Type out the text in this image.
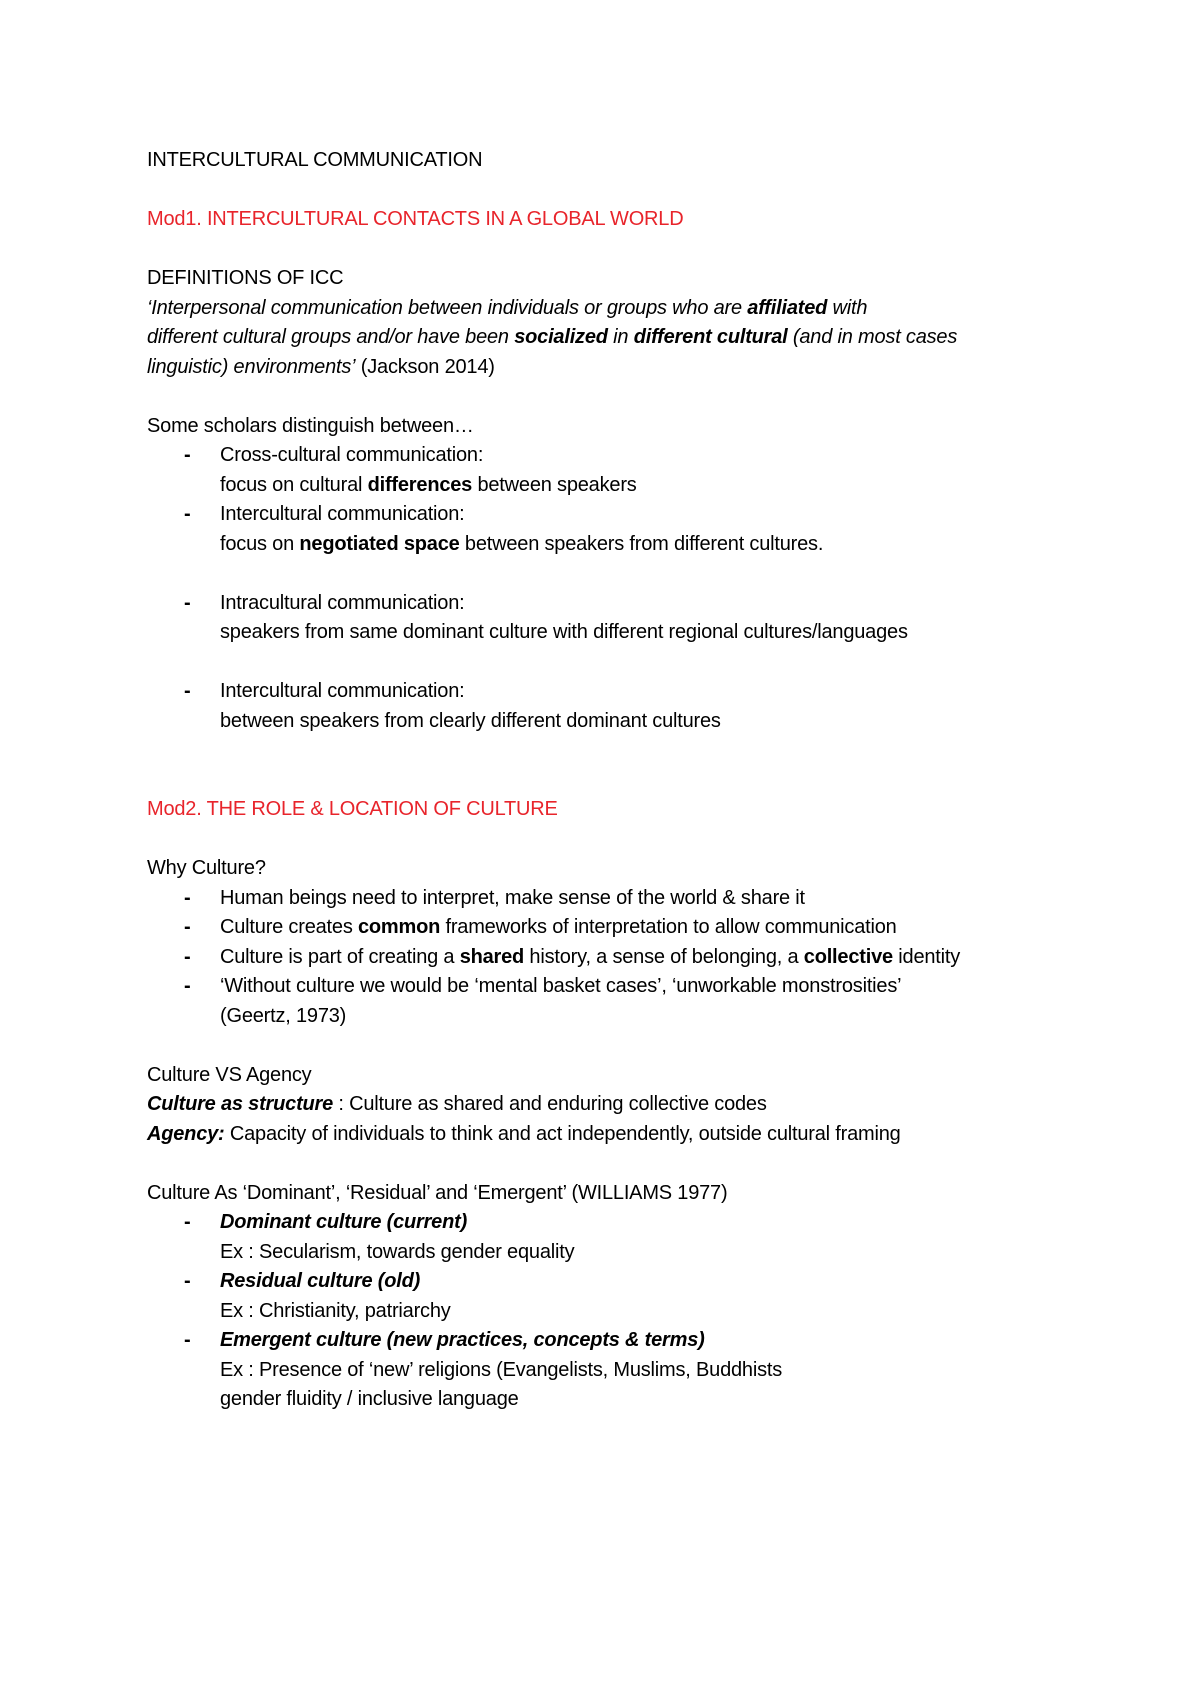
INTERCULTURAL COMMUNICATION
Mod1. INTERCULTURAL CONTACTS IN A GLOBAL WORLD
DEFINITIONS OF ICC
‘Interpersonal communication between individuals or groups who are affiliated with
different cultural groups and/or have been socialized in different cultural (and in most cases
linguistic) environments’ (Jackson 2014)
Some scholars distinguish between…
- Cross-cultural communication:
focus on cultural differences between speakers
- Intercultural communication:
focus on negotiated space between speakers from different cultures.
- Intracultural communication:
speakers from same dominant culture with different regional cultures/languages
- Intercultural communication:
between speakers from clearly different dominant cultures
Mod2. THE ROLE & LOCATION OF CULTURE
Why Culture?
- Human beings need to interpret, make sense of the world & share it
- Culture creates common frameworks of interpretation to allow communication
- Culture is part of creating a shared history, a sense of belonging, a collective identity
- ‘Without culture we would be ‘mental basket cases’, ‘unworkable monstrosities’
(Geertz, 1973)
Culture VS Agency
Culture as structure : Culture as shared and enduring collective codes
Agency: Capacity of individuals to think and act independently, outside cultural framing
Culture As ‘Dominant’, ‘Residual’ and ‘Emergent’ (WILLIAMS 1977)
- Dominant culture (current)
Ex : Secularism, towards gender equality
- Residual culture (old)
Ex : Christianity, patriarchy
- Emergent culture (new practices, concepts & terms)
Ex : Presence of ‘new’ religions (Evangelists, Muslims, Buddhists
gender fluidity / inclusive language
